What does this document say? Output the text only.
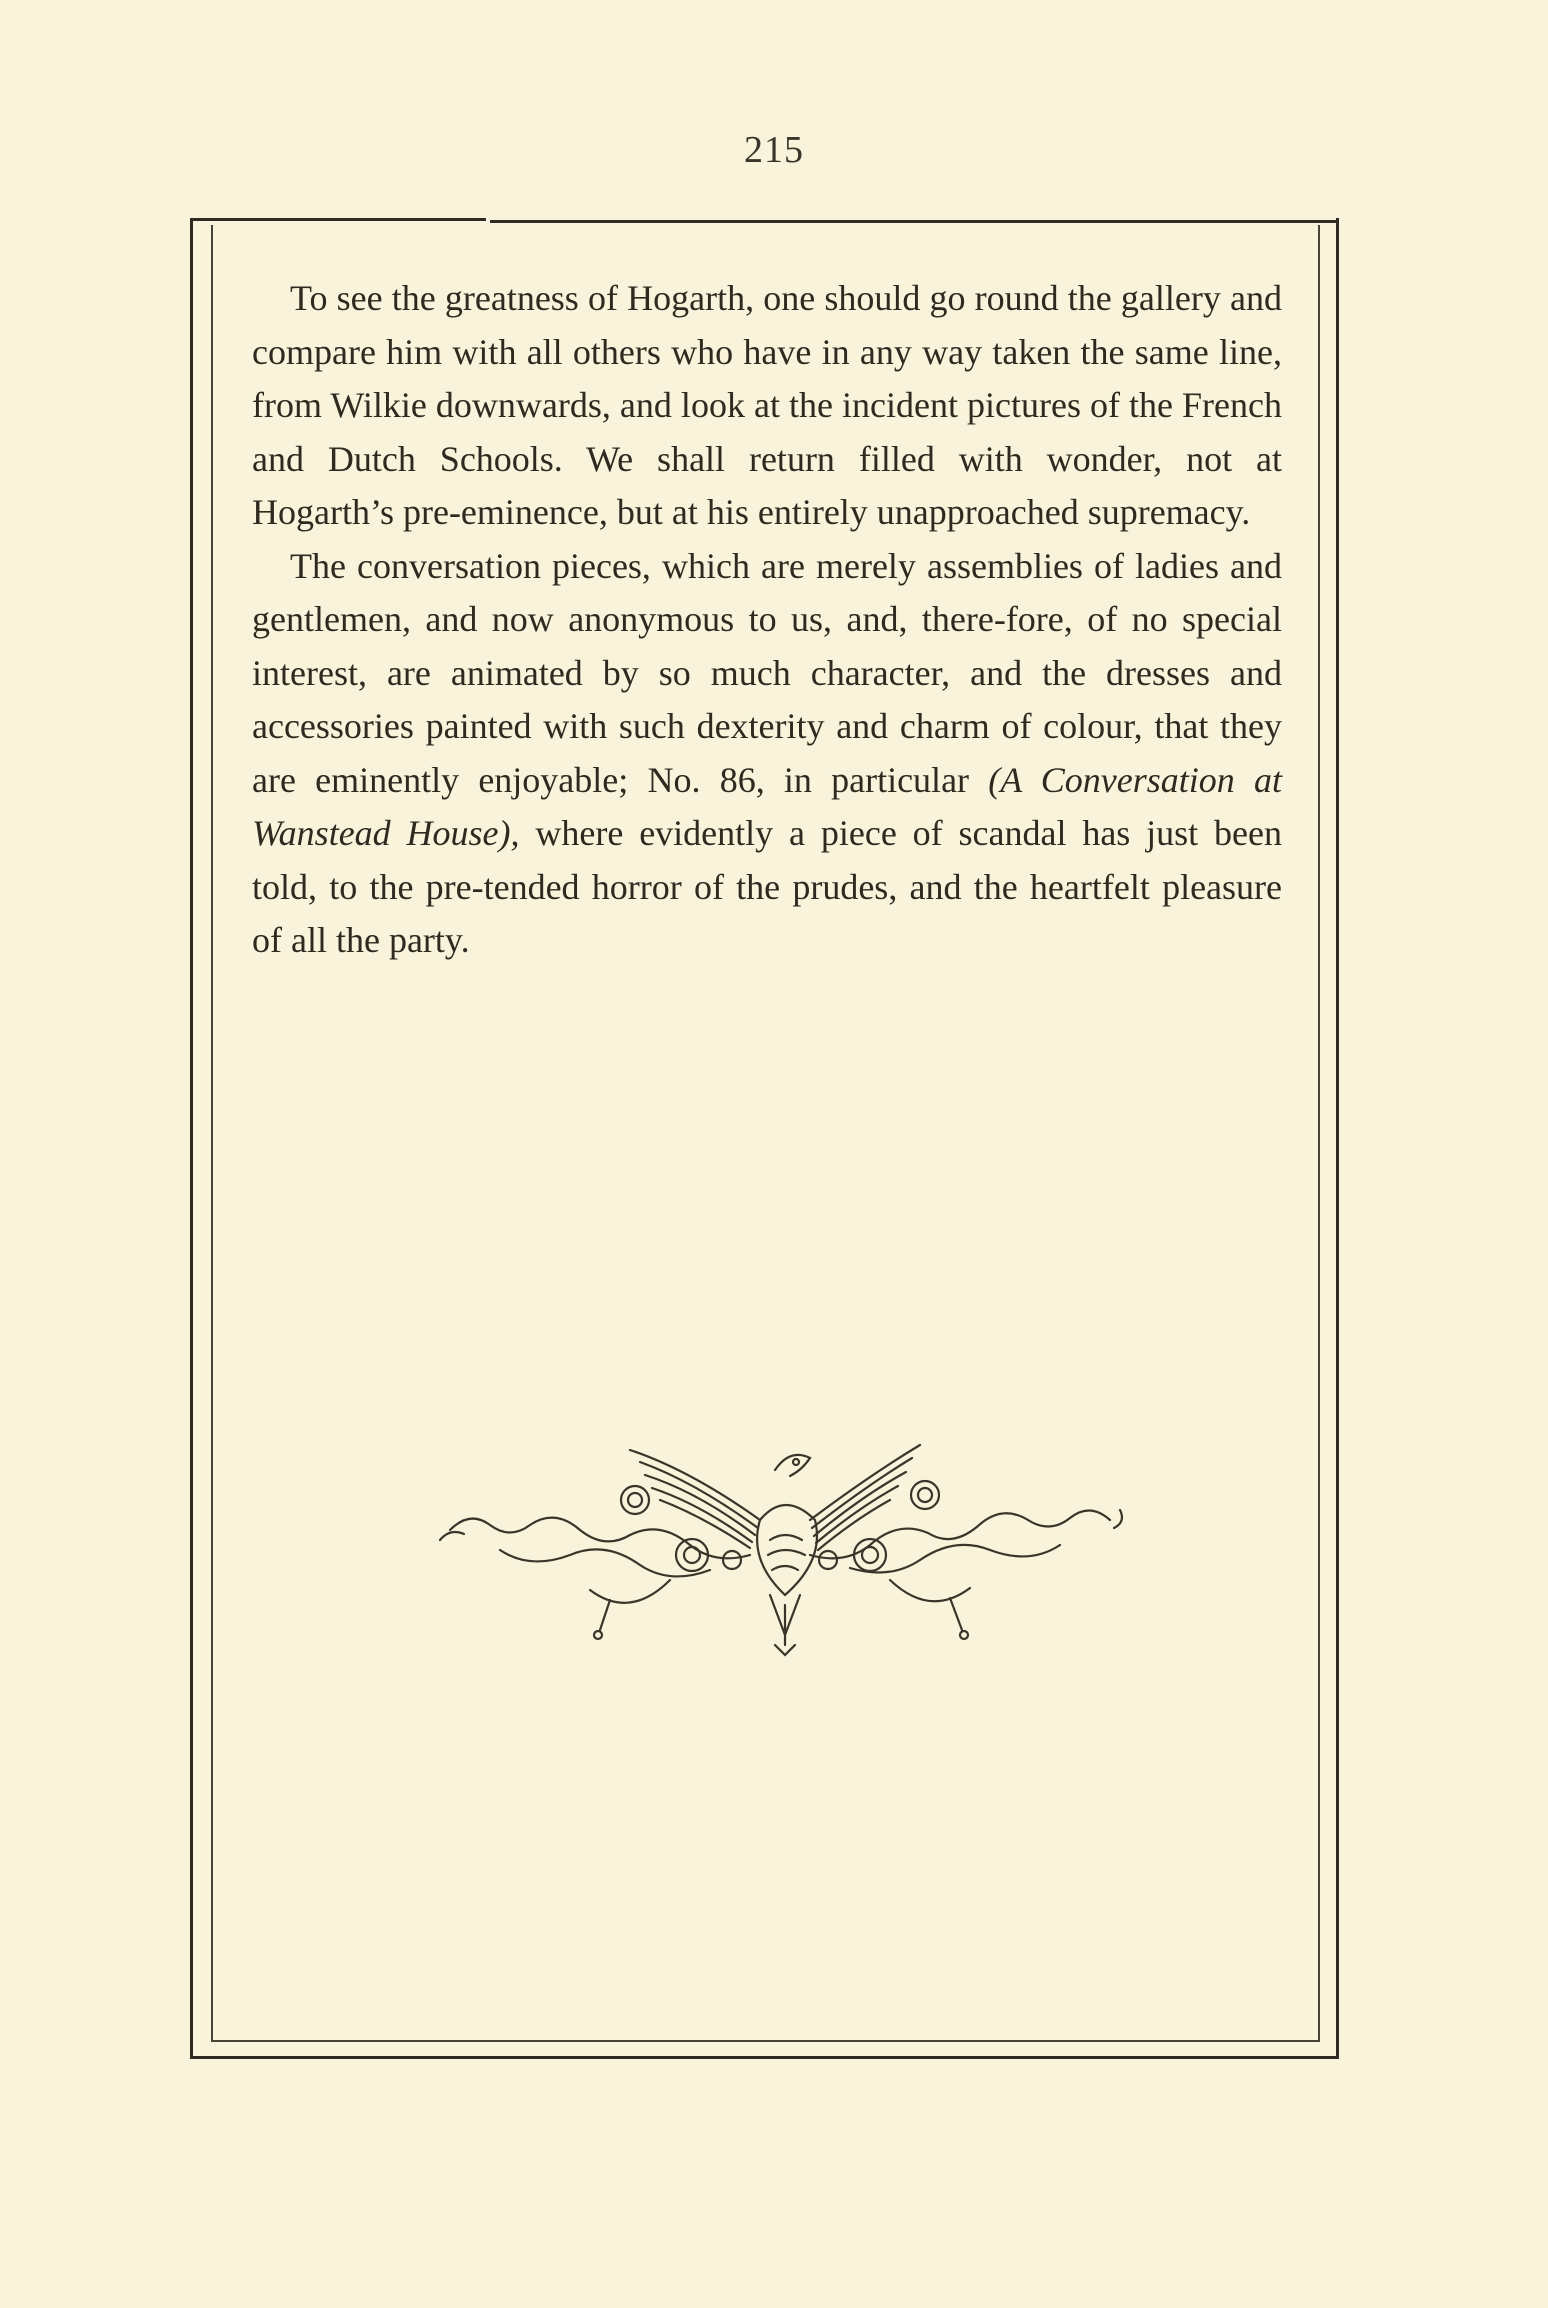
215

To see the greatness of Hogarth, one should go round the gallery and compare him with all others who have in any way taken the same line, from Wilkie downwards, and look at the incident pictures of the French and Dutch Schools. We shall return filled with wonder, not at Hogarth’s pre-eminence, but at his entirely unapproached supremacy.

The conversation pieces, which are merely assemblies of ladies and gentlemen, and now anonymous to us, and, there-fore, of no special interest, are animated by so much character, and the dresses and accessories painted with such dexterity and charm of colour, that they are eminently enjoyable; No. 86, in particular (A Conversation at Wanstead House), where evidently a piece of scandal has just been told, to the pre-tended horror of the prudes, and the heartfelt pleasure of all the party.
